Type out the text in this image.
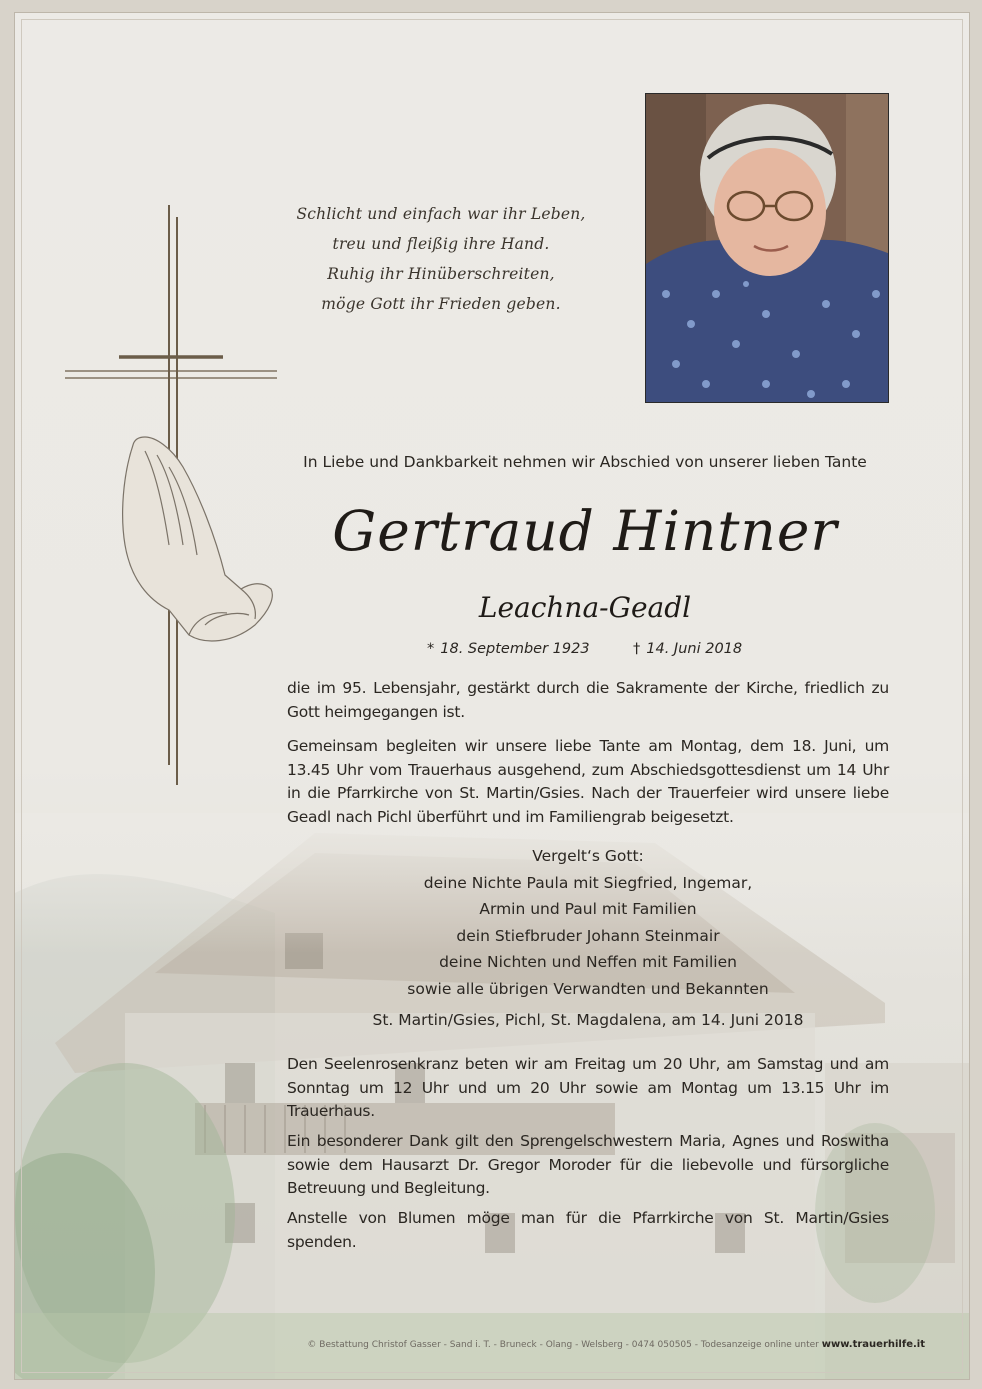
Schlicht und einfach war ihr Leben,
treu und fleißig ihre Hand.
Ruhig ihr Hinüberschreiten,
möge Gott ihr Frieden geben.
In Liebe und Dankbarkeit nehmen wir Abschied von unserer lieben Tante
Gertraud Hintner
Leachna-Geadl
* 18. September 1923	† 14. Juni 2018
die im 95. Lebensjahr, gestärkt durch die Sakramente der Kirche, friedlich zu Gott heimgegangen ist.
Gemeinsam begleiten wir unsere liebe Tante am Montag, dem 18. Juni, um 13.45 Uhr vom Trauerhaus ausgehend, zum Abschiedsgottesdienst um 14 Uhr in die Pfarrkirche von St. Martin/Gsies. Nach der Trauerfeier wird unsere liebe Geadl nach Pichl überführt und im Familiengrab beigesetzt.
Vergelt‘s Gott:
deine Nichte Paula mit Siegfried, Ingemar,
Armin und Paul mit Familien
dein Stiefbruder Johann Steinmair
deine Nichten und Neffen mit Familien
sowie alle übrigen Verwandten und Bekannten
St. Martin/Gsies, Pichl, St. Magdalena, am 14. Juni 2018
Den Seelenrosenkranz beten wir am Freitag um 20 Uhr, am Samstag und am Sonntag um 12 Uhr und um 20 Uhr sowie am Montag um 13.15 Uhr im Trauerhaus.
Ein besonderer Dank gilt den Sprengelschwestern Maria, Agnes und Roswitha sowie dem Hausarzt Dr. Gregor Moroder für die liebevolle und fürsorgliche Betreuung und Begleitung.
Anstelle von Blumen möge man für die Pfarrkirche von St. Martin/Gsies spenden.
© Bestattung Christof Gasser - Sand i. T. - Bruneck - Olang - Welsberg - 0474 050505 - Todesanzeige online unter www.trauerhilfe.it
